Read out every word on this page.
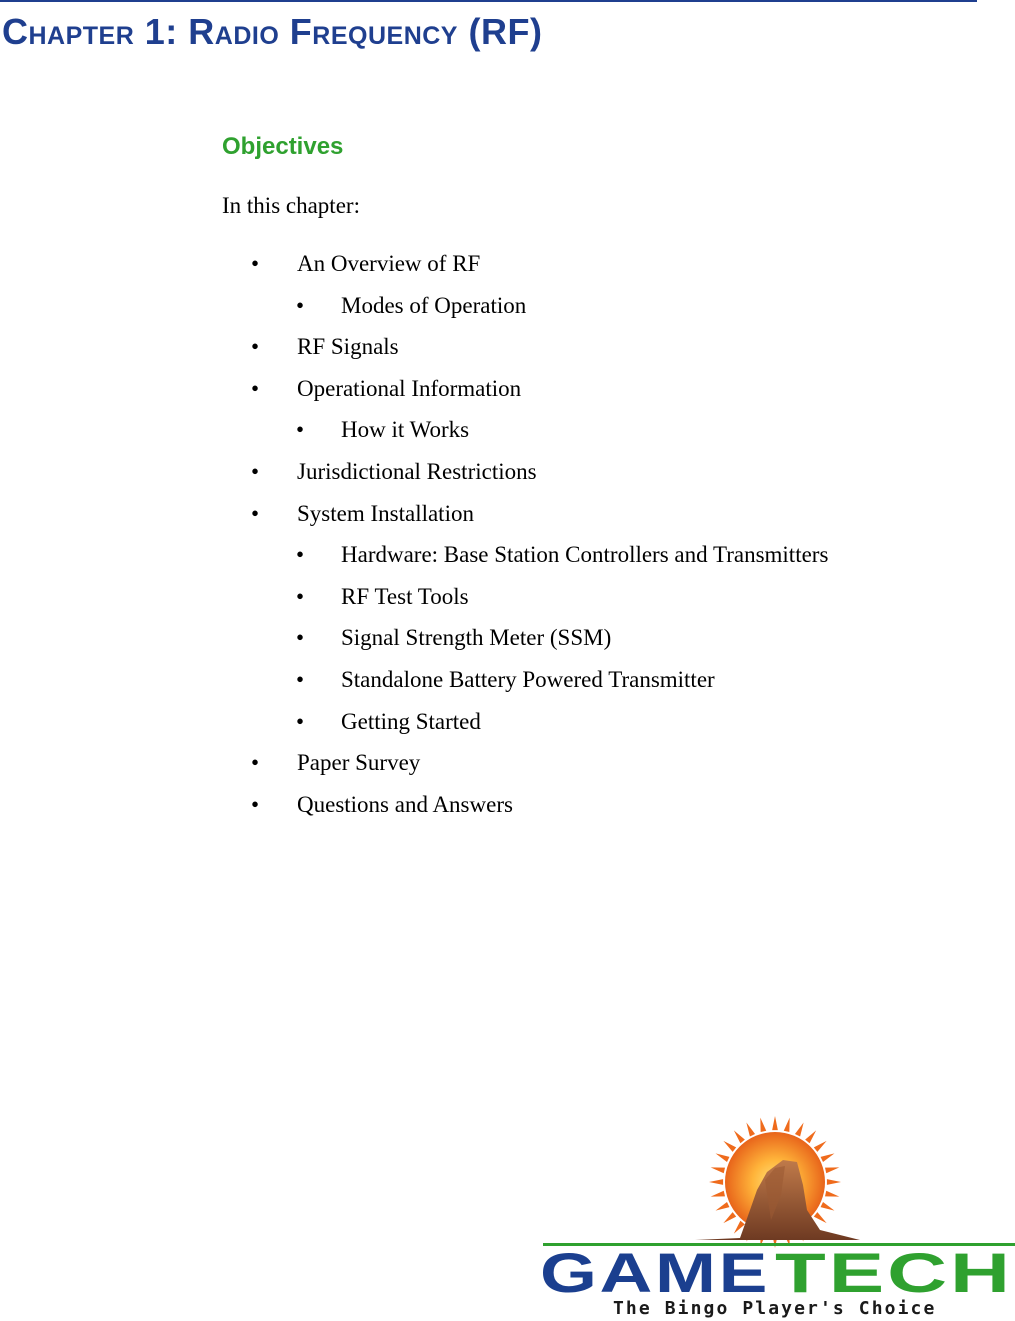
Chapter 1: Radio Frequency (RF)
Objectives

In this chapter:

• An Overview of RF
• Modes of Operation
• RF Signals
• Operational Information
• How it Works
• Jurisdictional Restrictions
• System Installation
• Hardware: Base Station Controllers and Transmitters
• RF Test Tools
• Signal Strength Meter (SSM)
• Standalone Battery Powered Transmitter
• Getting Started
• Paper Survey
• Questions and Answers
GAME TECH
The Bingo Player's Choice
